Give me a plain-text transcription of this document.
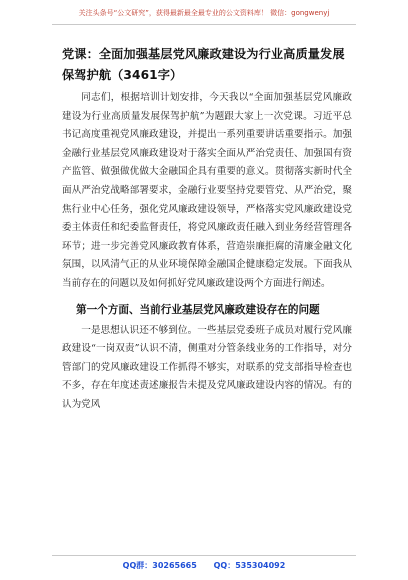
关注头条号“公文研究”，获得最新最全最专业的公文资料库！ 微信：gongwenyj
党课：全面加强基层党风廉政建设为行业高质量发展保驾护航（3461字）

同志们，根据培训计划安排，今天我以“全面加强基层党风廉政建设为行业高质量发展保驾护航”为题跟大家上一次党课。习近平总书记高度重视党风廉政建设，并提出一系列重要讲话重要指示。加强金融行业基层党风廉政建设对于落实全面从严治党责任、加强国有资产监管、做强做优做大金融国企具有重要的意义。贯彻落实新时代全面从严治党战略部署要求，金融行业要坚持党要管党、从严治党，聚焦行业中心任务，强化党风廉政建设领导，严格落实党风廉政建设党委主体责任和纪委监督责任，将党风廉政责任融入到业务经营管理各环节；进一步完善党风廉政教育体系，营造崇廉拒腐的清廉金融文化氛围，以风清气正的从业环境保障金融国企健康稳定发展。下面我从当前存在的问题以及如何抓好党风廉政建设两个方面进行阐述。

第一个方面、当前行业基层党风廉政建设存在的问题

一是思想认识还不够到位。一些基层党委班子成员对履行党风廉政建设“一岗双责”认识不清，侧重对分管条线业务的工作指导，对分管部门的党风廉政建设工作抓得不够实，对联系的党支部指导检查也不多，存在年度述责述廉报告未提及党风廉政建设内容的情况。有的认为党风

QQ群：30265665 QQ：535304092
